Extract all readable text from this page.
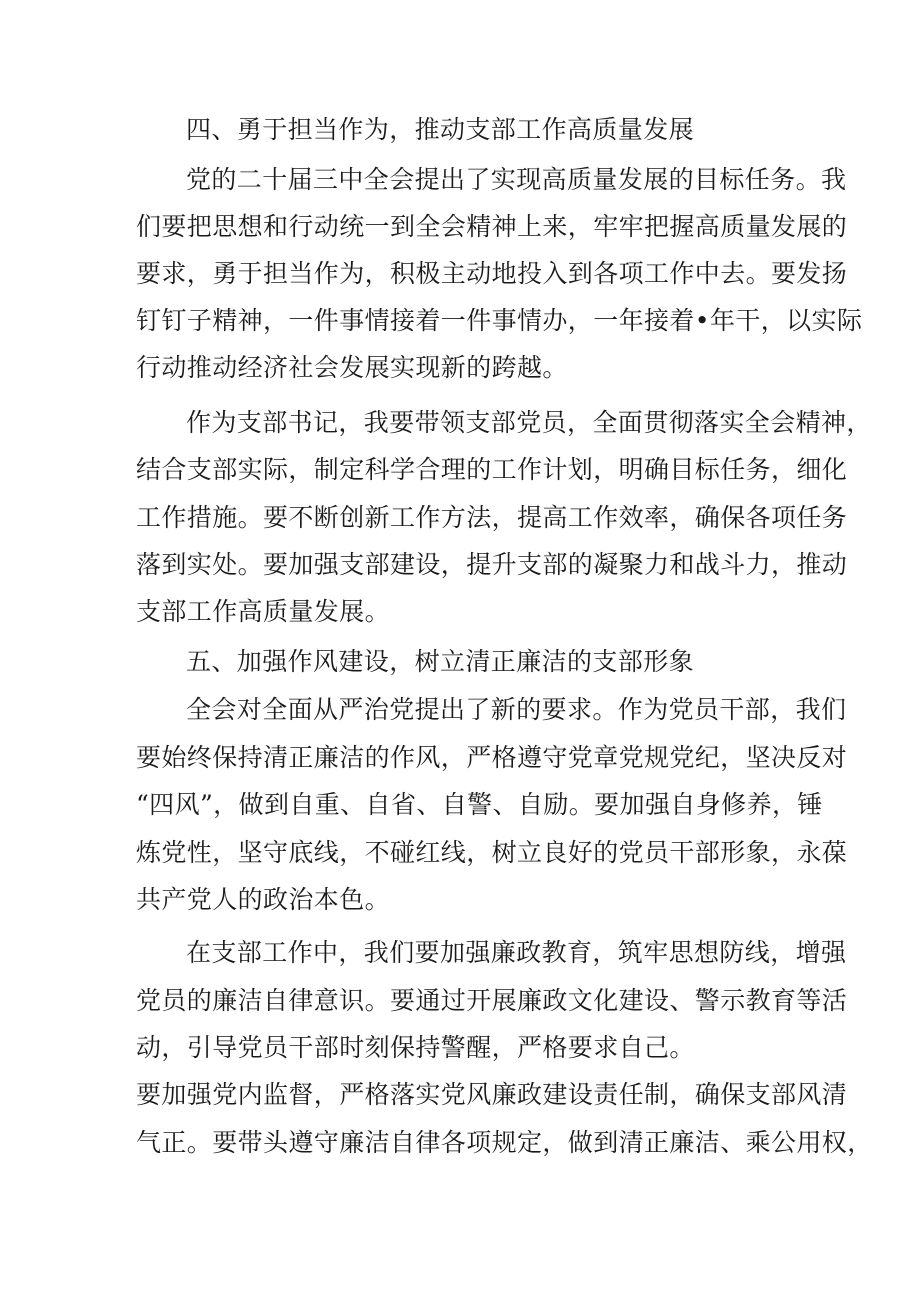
四、勇于担当作为，推动支部工作高质量发展
党的二十届三中全会提出了实现高质量发展的目标任务。我
们要把思想和行动统一到全会精神上来，牢牢把握高质量发展的
要求，勇于担当作为，积极主动地投入到各项工作中去。要发扬
钉钉子精神，一件事情接着一件事情办，一年接着•年干，以实际
行动推动经济社会发展实现新的跨越。
作为支部书记，我要带领支部党员，全面贯彻落实全会精神，
结合支部实际，制定科学合理的工作计划，明确目标任务，细化
工作措施。要不断创新工作方法，提高工作效率，确保各项任务
落到实处。要加强支部建设，提升支部的凝聚力和战斗力，推动
支部工作高质量发展。
五、加强作风建设，树立清正廉洁的支部形象
全会对全面从严治党提出了新的要求。作为党员干部，我们
要始终保持清正廉洁的作风，严格遵守党章党规党纪，坚决反对
“四风”，做到自重、自省、自警、自励。要加强自身修养，锤
炼党性，坚守底线，不碰红线，树立良好的党员干部形象，永葆
共产党人的政治本色。
在支部工作中，我们要加强廉政教育，筑牢思想防线，增强
党员的廉洁自律意识。要通过开展廉政文化建设、警示教育等活
动，引导党员干部时刻保持警醒，严格要求自己。
要加强党内监督，严格落实党风廉政建设责任制，确保支部风清
气正。要带头遵守廉洁自律各项规定，做到清正廉洁、乘公用权，
